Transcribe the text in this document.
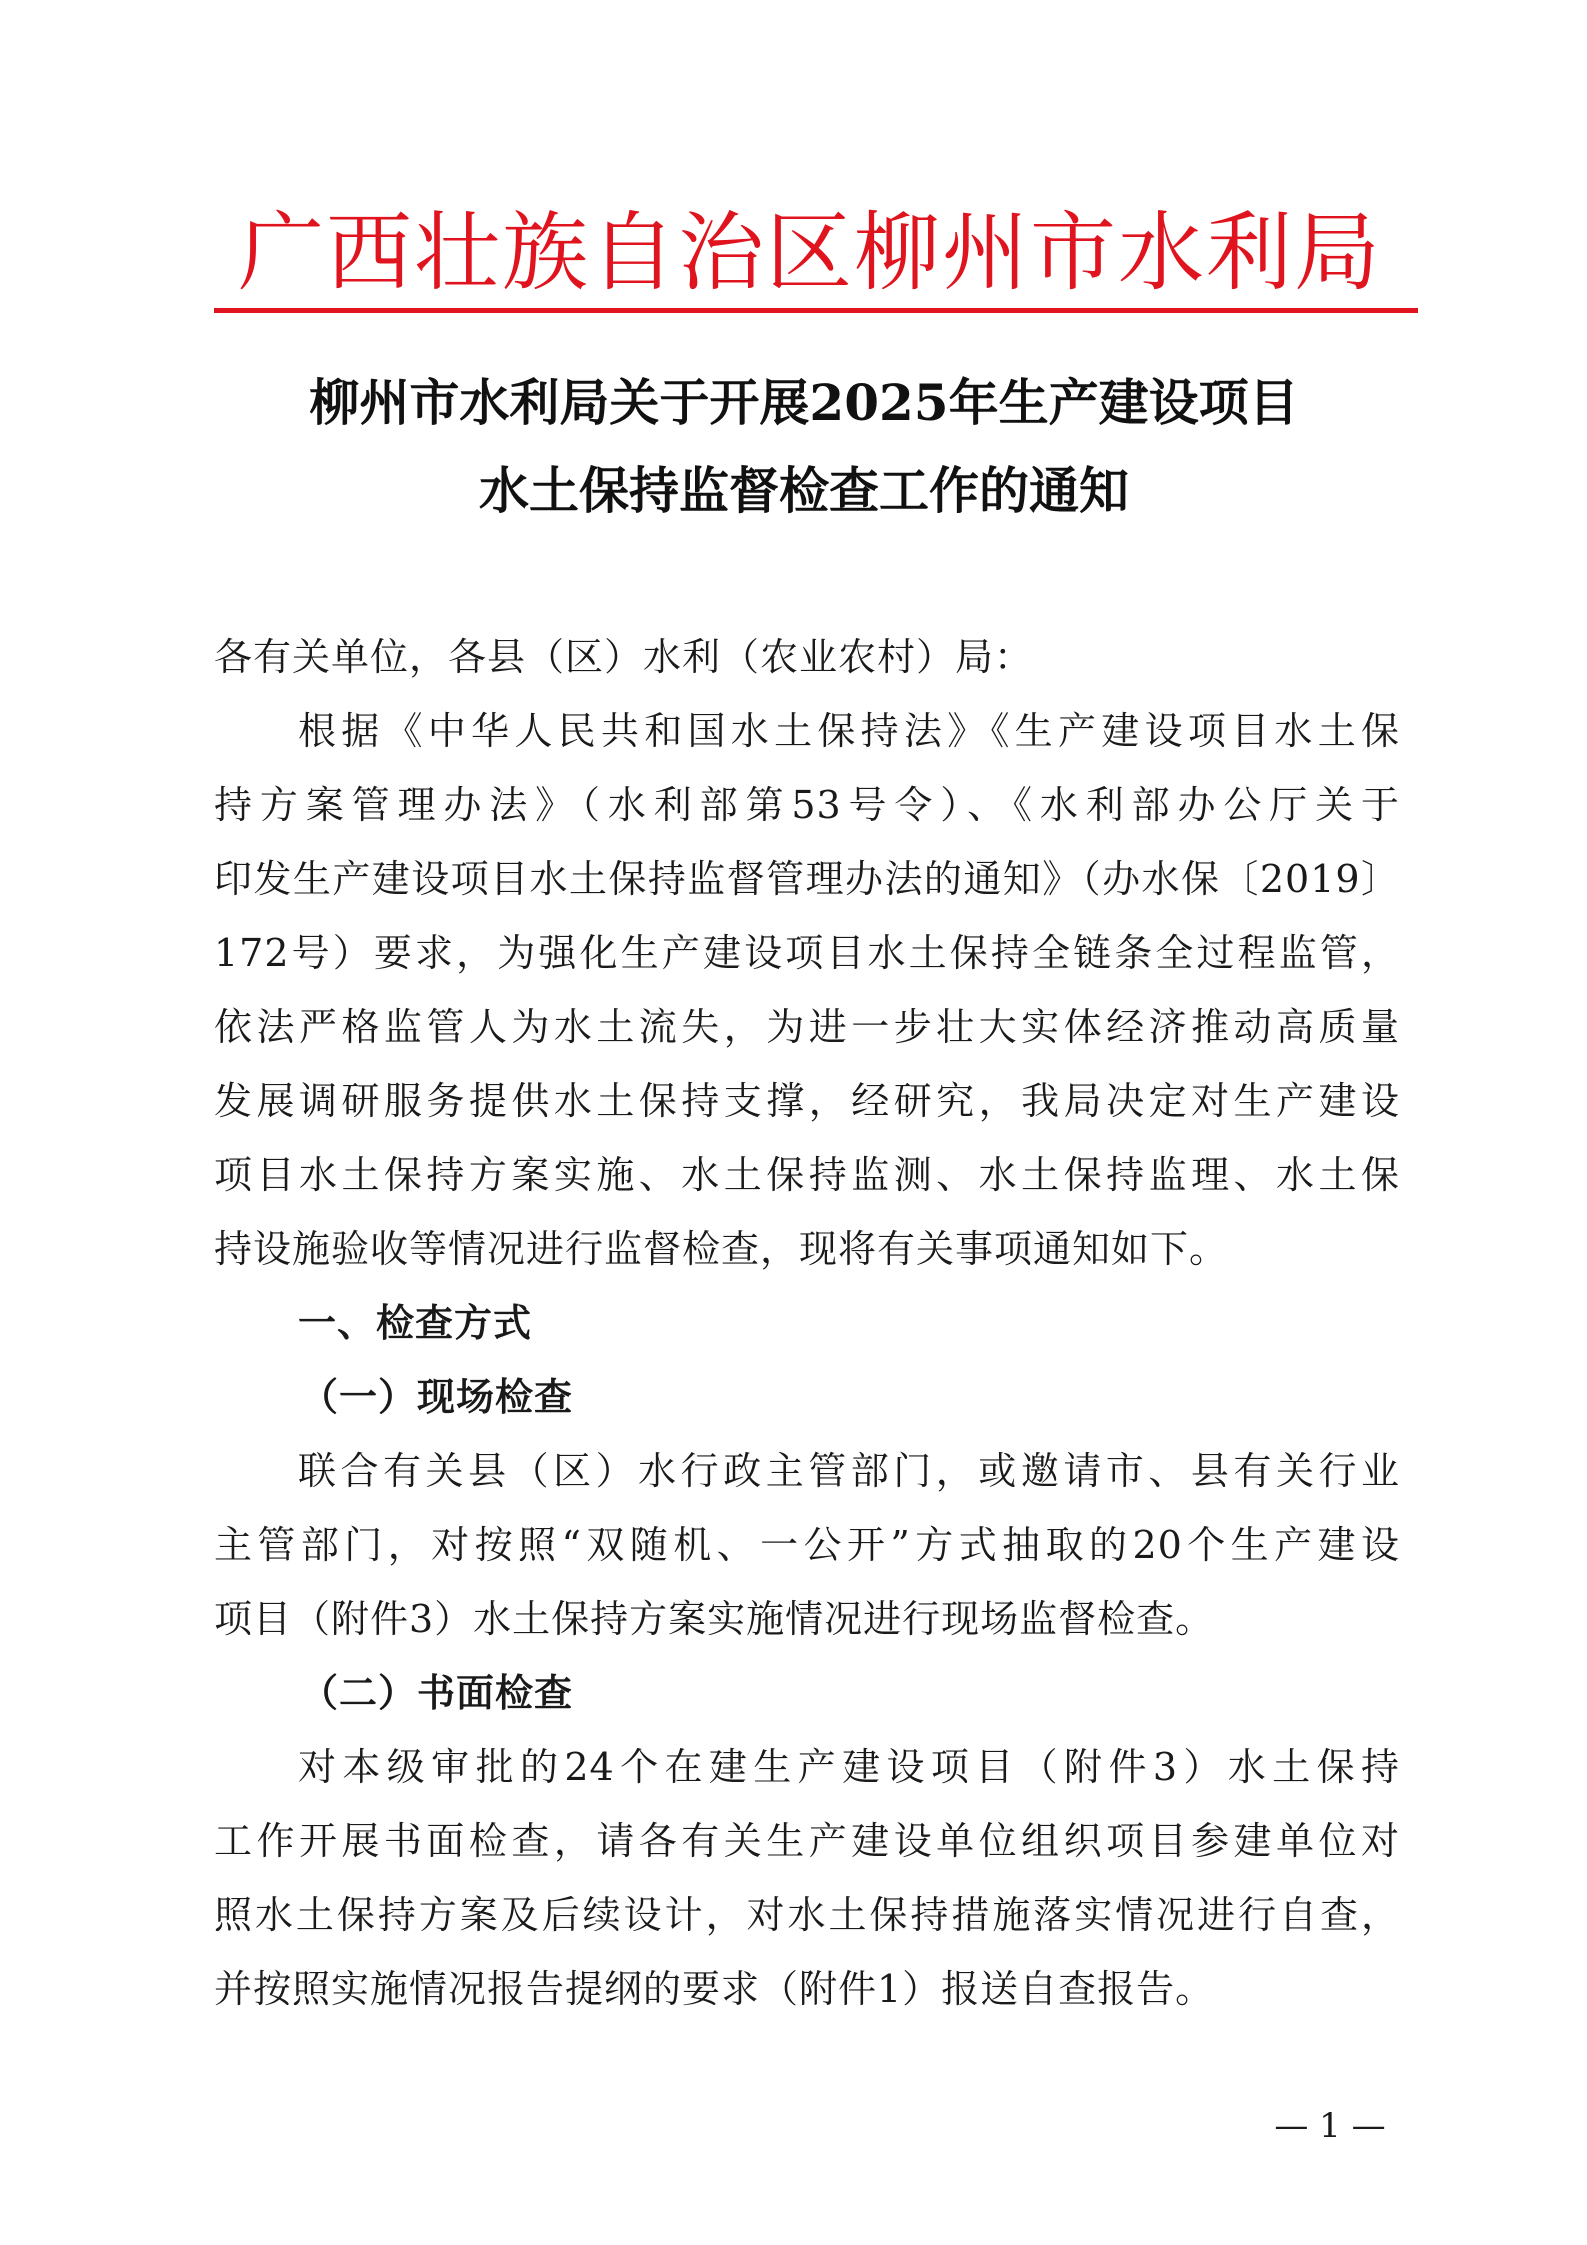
广西壮族自治区柳州市水利局
柳州市水利局关于开展2025年生产建设项目
水土保持监督检查工作的通知
各有关单位，各县（区）水利（农业农村）局：
根据《中华人民共和国水土保持法》《生产建设项目水土保
持方案管理办法》（水利部第53号令）、《水利部办公厅关于
印发生产建设项目水土保持监督管理办法的通知》（办水保〔2019〕
172号）要求，为强化生产建设项目水土保持全链条全过程监管，
依法严格监管人为水土流失，为进一步壮大实体经济推动高质量
发展调研服务提供水土保持支撑，经研究，我局决定对生产建设
项目水土保持方案实施、水土保持监测、水土保持监理、水土保
持设施验收等情况进行监督检查，现将有关事项通知如下。
一、检查方式
（一）现场检查
联合有关县（区）水行政主管部门，或邀请市、县有关行业
主管部门，对按照“双随机、一公开”方式抽取的20个生产建设
项目（附件3）水土保持方案实施情况进行现场监督检查。
（二）书面检查
对本级审批的24个在建生产建设项目（附件3）水土保持
工作开展书面检查，请各有关生产建设单位组织项目参建单位对
照水土保持方案及后续设计，对水土保持措施落实情况进行自查，
并按照实施情况报告提纲的要求（附件1）报送自查报告。
— 1 —
